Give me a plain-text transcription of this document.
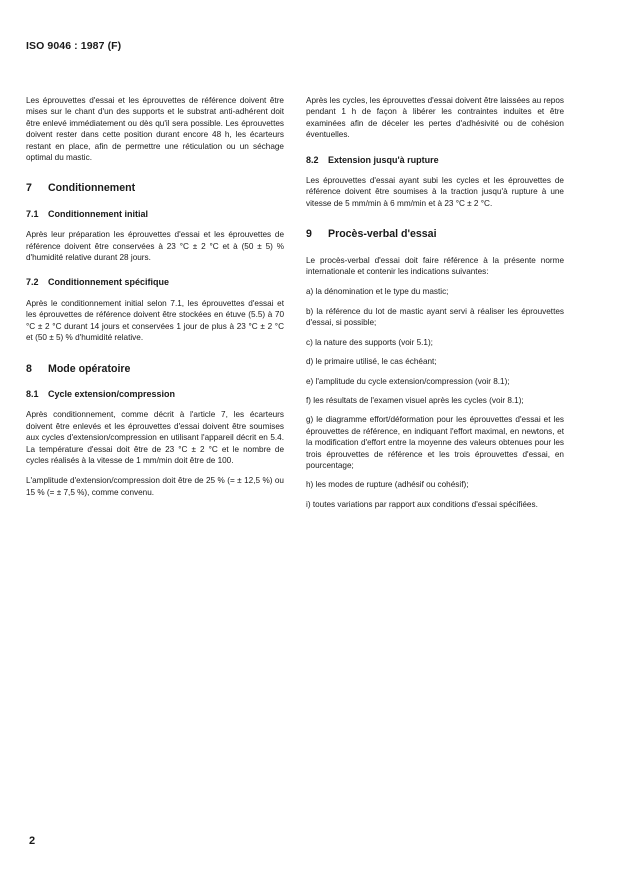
ISO 9046 : 1987 (F)

Les éprouvettes d'essai et les éprouvettes de référence doivent être mises sur le chant d'un des supports et le substrat anti-adhérent doit être enlevé immédiatement ou dès qu'il sera possible. Les éprouvettes doivent rester dans cette position durant encore 48 h, les écarteurs restant en place, afin de permettre une réticulation ou un séchage optimal du mastic.

7	Conditionnement
7.1	Conditionnement initial

Après leur préparation les éprouvettes d'essai et les éprouvettes de référence doivent être conservées à 23 °C ± 2 °C et à (50 ± 5) % d'humidité relative durant 28 jours.

7.2	Conditionnement spécifique

Après le conditionnement initial selon 7.1, les éprouvettes d'essai et les éprouvettes de référence doivent être stockées en étuve (5.5) à 70 °C ± 2 °C durant 14 jours et conservées 1 jour de plus à 23 °C ± 2 °C et (50 ± 5) % d'humidité relative.

8	Mode opératoire
8.1	Cycle extension/compression

Après conditionnement, comme décrit à l'article 7, les écarteurs doivent être enlevés et les éprouvettes d'essai doivent être soumises aux cycles d'extension/compression en utilisant l'appareil décrit en 5.4. La température d'essai doit être de 23 °C ± 2 °C et le nombre de cycles réalisés à la vitesse de 1 mm/min doit être de 100.

L'amplitude d'extension/compression doit être de 25 % (= ± 12,5 %) ou 15 % (= ± 7,5 %), comme convenu.

Après les cycles, les éprouvettes d'essai doivent être laissées au repos pendant 1 h de façon à libérer les contraintes induites et être examinées afin de déceler les pertes d'adhésivité ou de cohésion éventuelles.

8.2	Extension jusqu'à rupture

Les éprouvettes d'essai ayant subi les cycles et les éprouvettes de référence doivent être soumises à la traction jusqu'à rupture à une vitesse de 5 mm/min à 6 mm/min et à 23 °C ± 2 °C.

9	Procès-verbal d'essai

Le procès-verbal d'essai doit faire référence à la présente norme internationale et contenir les indications suivantes:

a) la dénomination et le type du mastic;

b) la référence du lot de mastic ayant servi à réaliser les éprouvettes d'essai, si possible;

c) la nature des supports (voir 5.1);

d) le primaire utilisé, le cas échéant;

e) l'amplitude du cycle extension/compression (voir 8.1);

f) les résultats de l'examen visuel après les cycles (voir 8.1);

g) le diagramme effort/déformation pour les éprouvettes d'essai et les éprouvettes de référence, en indiquant l'effort maximal, en newtons, et la modification d'effort entre la moyenne des valeurs obtenues pour les trois éprouvettes de référence et les trois éprouvettes d'essai, en pourcentage;

h) les modes de rupture (adhésif ou cohésif);

i) toutes variations par rapport aux conditions d'essai spécifiées.

2
